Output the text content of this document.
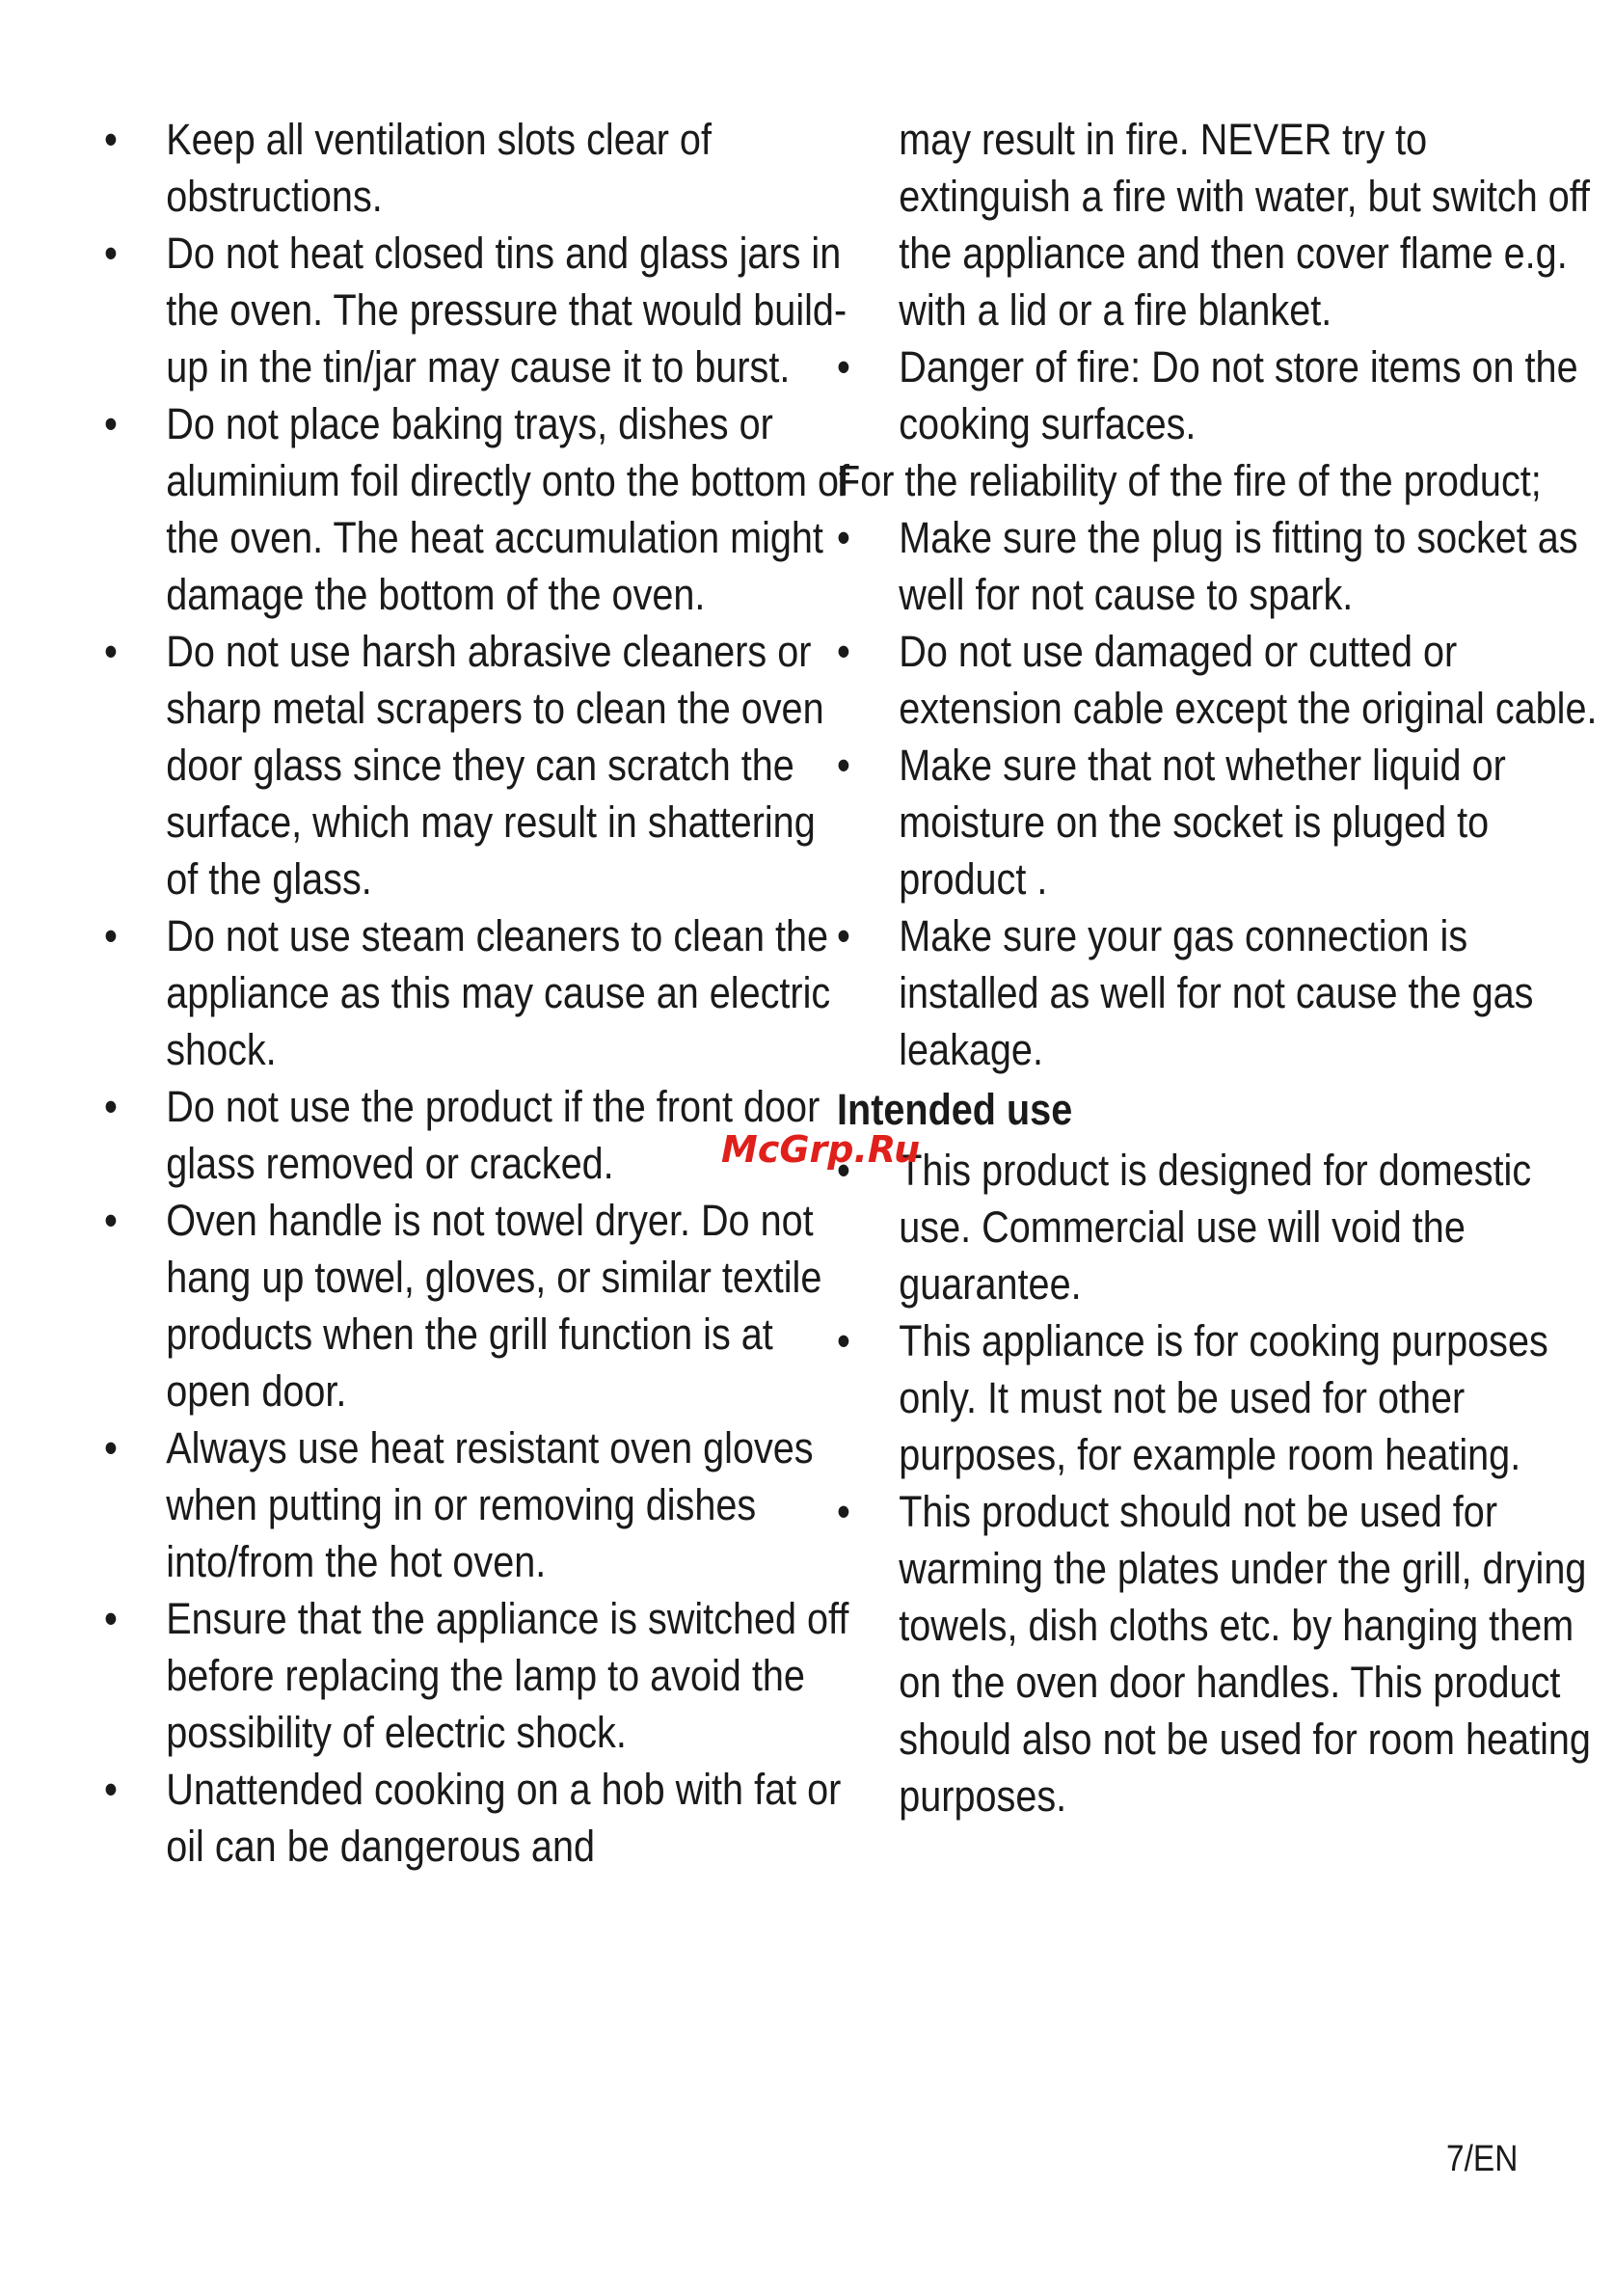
• Keep all ventilation slots clear of obstructions.
• Do not heat closed tins and glass jars in the oven. The pressure that would build-up in the tin/jar may cause it to burst.
• Do not place baking trays, dishes or aluminium foil directly onto the bottom of the oven. The heat accumulation might damage the bottom of the oven.
• Do not use harsh abrasive cleaners or sharp metal scrapers to clean the oven door glass since they can scratch the surface, which may result in shattering of the glass.
• Do not use steam cleaners to clean the appliance as this may cause an electric shock.
• Do not use the product if the front door glass removed or cracked.
• Oven handle is not towel dryer. Do not hang up towel, gloves, or similar textile products when the grill function is at open door.
• Always use heat resistant oven gloves when putting in or removing dishes into/from the hot oven.
• Ensure that the appliance is switched off before replacing the lamp to avoid the possibility of electric shock.
• Unattended cooking on a hob with fat or oil can be dangerous and
may result in fire. NEVER try to extinguish a fire with water, but switch off the appliance and then cover flame e.g. with a lid or a fire blanket.
• Danger of fire: Do not store items on the cooking surfaces.
For the reliability of the fire of the product;
• Make sure the plug is fitting to socket as well for not cause to spark.
• Do not use damaged or cutted or extension cable except the original cable.
• Make sure that not whether liquid or moisture on the socket is pluged to product .
• Make sure your gas connection is installed as well for not cause the gas leakage.
Intended use
• This product is designed for domestic use. Commercial use will void the guarantee.
• This appliance is for cooking purposes only. It must not be used for other purposes, for example room heating.
• This product should not be used for warming the plates under the grill, drying towels, dish cloths etc. by hanging them on the oven door handles. This product should also not be used for room heating purposes.
McGrp.Ru
7/EN
